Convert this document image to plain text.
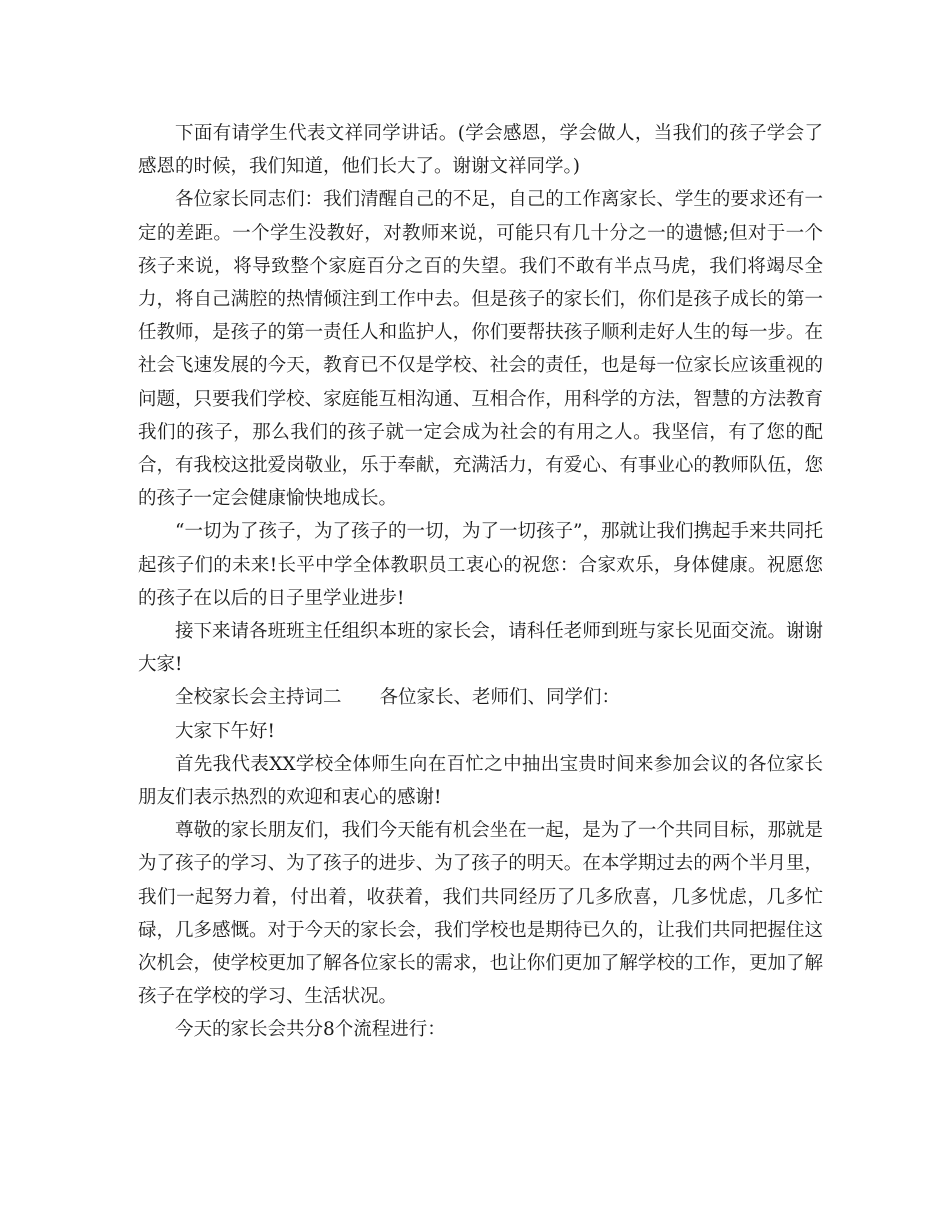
下面有请学生代表文祥同学讲话。(学会感恩，学会做人，当我们的孩子学会了感恩的时候，我们知道，他们长大了。谢谢文祥同学。)

各位家长同志们：我们清醒自己的不足，自己的工作离家长、学生的要求还有一定的差距。一个学生没教好，对教师来说，可能只有几十分之一的遗憾;但对于一个孩子来说，将导致整个家庭百分之百的失望。我们不敢有半点马虎，我们将竭尽全力，将自己满腔的热情倾注到工作中去。但是孩子的家长们，你们是孩子成长的第一任教师，是孩子的第一责任人和监护人，你们要帮扶孩子顺利走好人生的每一步。在社会飞速发展的今天，教育已不仅是学校、社会的责任，也是每一位家长应该重视的问题，只要我们学校、家庭能互相沟通、互相合作，用科学的方法，智慧的方法教育我们的孩子，那么我们的孩子就一定会成为社会的有用之人。我坚信，有了您的配合，有我校这批爱岗敬业，乐于奉献，充满活力，有爱心、有事业心的教师队伍，您的孩子一定会健康愉快地成长。

“一切为了孩子，为了孩子的一切，为了一切孩子”，那就让我们携起手来共同托起孩子们的未来!长平中学全体教职员工衷心的祝您：合家欢乐，身体健康。祝愿您的孩子在以后的日子里学业进步!

接下来请各班班主任组织本班的家长会，请科任老师到班与家长见面交流。谢谢大家!

全校家长会主持词二 各位家长、老师们、同学们：

大家下午好!

首先我代表XX学校全体师生向在百忙之中抽出宝贵时间来参加会议的各位家长朋友们表示热烈的欢迎和衷心的感谢!

尊敬的家长朋友们，我们今天能有机会坐在一起，是为了一个共同目标，那就是为了孩子的学习、为了孩子的进步、为了孩子的明天。在本学期过去的两个半月里，我们一起努力着，付出着，收获着，我们共同经历了几多欣喜，几多忧虑，几多忙碌，几多感慨。对于今天的家长会，我们学校也是期待已久的，让我们共同把握住这次机会，使学校更加了解各位家长的需求，也让你们更加了解学校的工作，更加了解孩子在学校的学习、生活状况。

今天的家长会共分8个流程进行：
